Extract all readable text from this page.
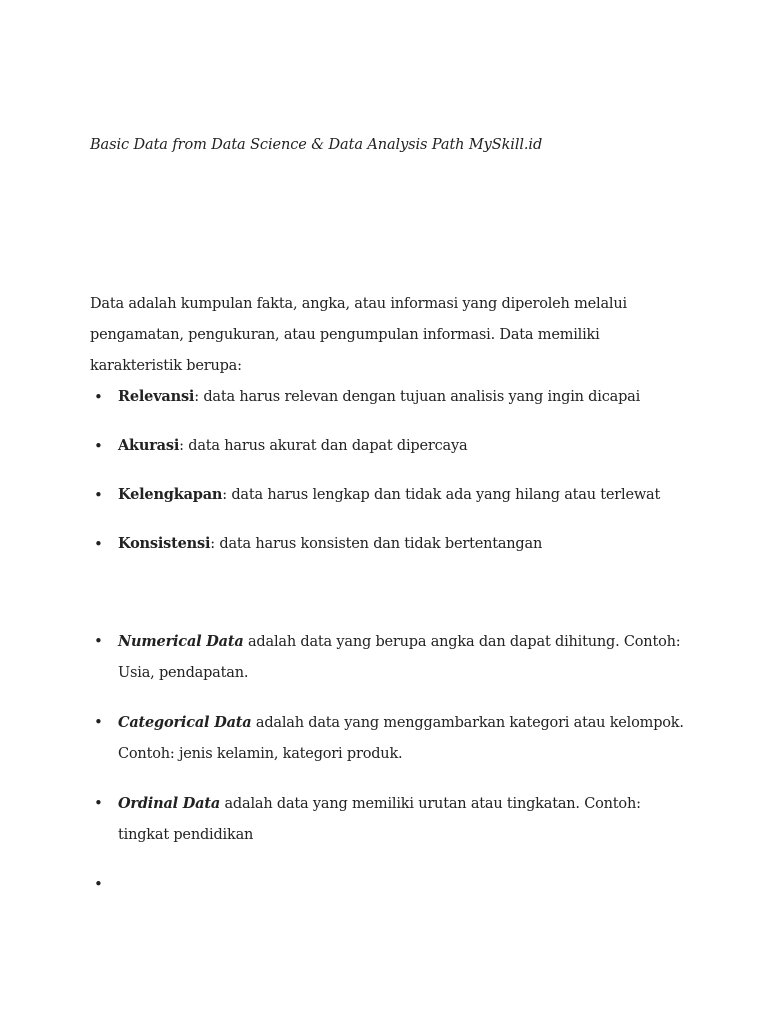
Basic Data from Data Science & Data Analysis Path MySkill.id

Data adalah kumpulan fakta, angka, atau informasi yang diperoleh melalui pengamatan, pengukuran, atau pengumpulan informasi. Data memiliki karakteristik berupa:

• Relevansi: data harus relevan dengan tujuan analisis yang ingin dicapai
• Akurasi: data harus akurat dan dapat dipercaya
• Kelengkapan: data harus lengkap dan tidak ada yang hilang atau terlewat
• Konsistensi: data harus konsisten dan tidak bertentangan
• Numerical Data adalah data yang berupa angka dan dapat dihitung. Contoh: Usia, pendapatan.
• Categorical Data adalah data yang menggambarkan kategori atau kelompok. Contoh: jenis kelamin, kategori produk.
• Ordinal Data adalah data yang memiliki urutan atau tingkatan. Contoh: tingkat pendidikan
•
